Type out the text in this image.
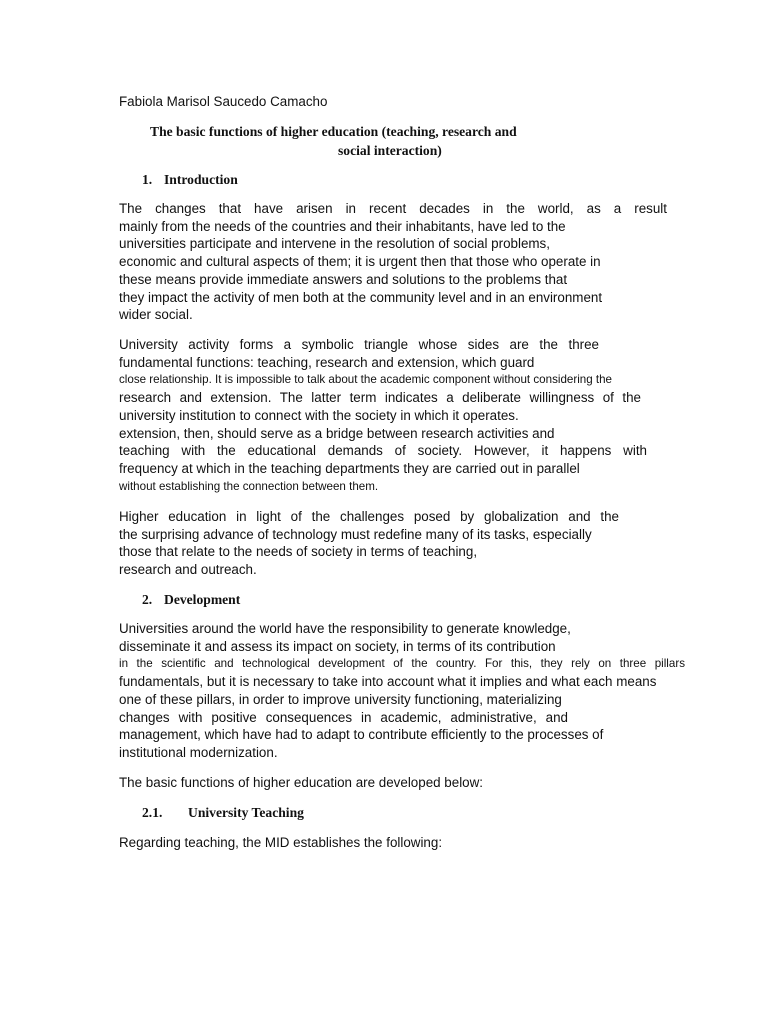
Fabiola Marisol Saucedo Camacho
The basic functions of higher education (teaching, research and
social interaction)
1. Introduction
The changes that have arisen in recent decades in the world, as a result
mainly from the needs of the countries and their inhabitants, have led to the
universities participate and intervene in the resolution of social problems,
economic and cultural aspects of them; it is urgent then that those who operate in
these means provide immediate answers and solutions to the problems that
they impact the activity of men both at the community level and in an environment
wider social.
University activity forms a symbolic triangle whose sides are the three
fundamental functions: teaching, research and extension, which guard
close relationship. It is impossible to talk about the academic component without considering the
research and extension. The latter term indicates a deliberate willingness of the
university institution to connect with the society in which it operates.
extension, then, should serve as a bridge between research activities and
teaching with the educational demands of society. However, it happens with
frequency at which in the teaching departments they are carried out in parallel
without establishing the connection between them.
Higher education in light of the challenges posed by globalization and the
the surprising advance of technology must redefine many of its tasks, especially
those that relate to the needs of society in terms of teaching,
research and outreach.
2. Development
Universities around the world have the responsibility to generate knowledge,
disseminate it and assess its impact on society, in terms of its contribution
in the scientific and technological development of the country. For this, they rely on three pillars
fundamentals, but it is necessary to take into account what it implies and what each means
one of these pillars, in order to improve university functioning, materializing
changes with positive consequences in academic, administrative, and
management, which have had to adapt to contribute efficiently to the processes of
institutional modernization.
The basic functions of higher education are developed below:
2.1. University Teaching
Regarding teaching, the MID establishes the following:
